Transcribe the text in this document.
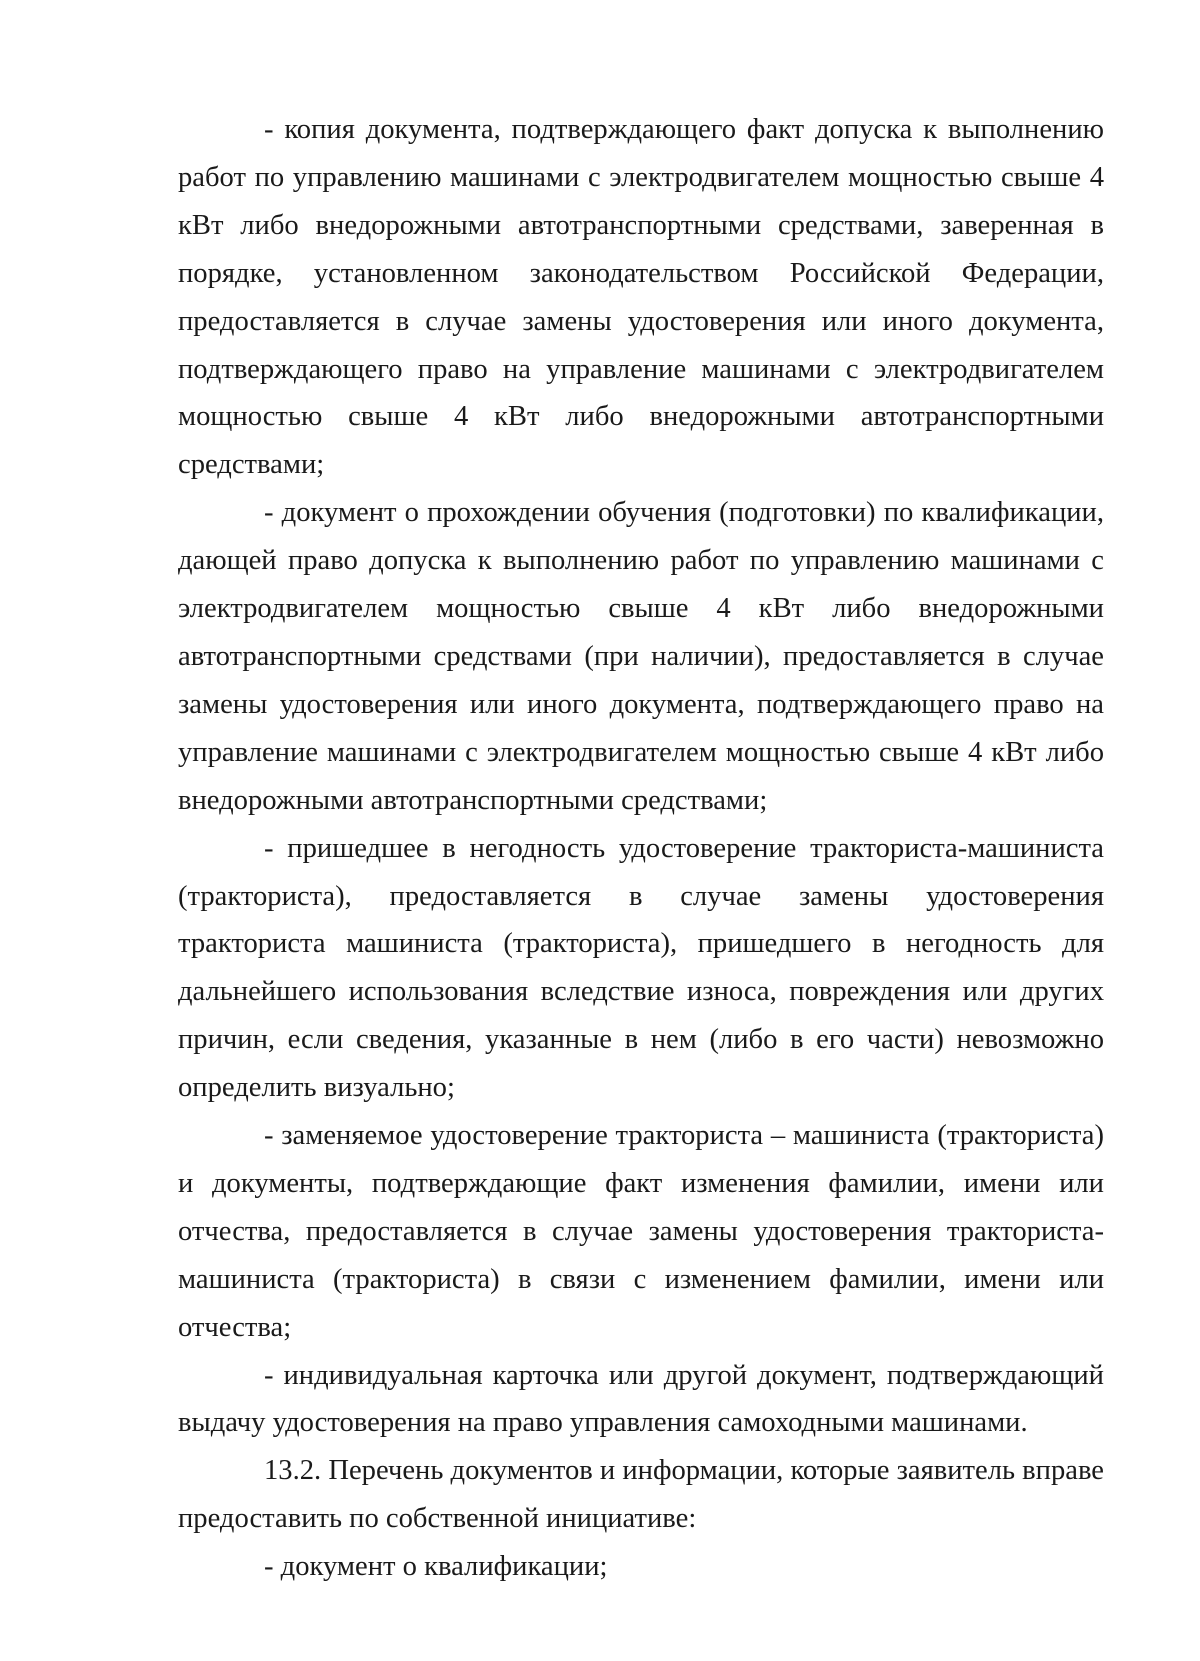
- копия документа, подтверждающего факт допуска к выполнению работ по управлению машинами с электродвигателем мощностью свыше 4 кВт либо внедорожными автотранспортными средствами, заверенная в порядке, установленном законодательством Российской Федерации, предоставляется в случае замены удостоверения или иного документа, подтверждающего право на управление машинами с электродвигателем мощностью свыше 4 кВт либо внедорожными автотранспортными средствами;

- документ о прохождении обучения (подготовки) по квалификации, дающей право допуска к выполнению работ по управлению машинами с электродвигателем мощностью свыше 4 кВт либо внедорожными автотранспортными средствами (при наличии), предоставляется в случае замены удостоверения или иного документа, подтверждающего право на управление машинами с электродвигателем мощностью свыше 4 кВт либо внедорожными автотранспортными средствами;

- пришедшее в негодность удостоверение тракториста-машиниста (тракториста), предоставляется в случае замены удостоверения тракториста машиниста (тракториста), пришедшего в негодность для дальнейшего использования вследствие износа, повреждения или других причин, если сведения, указанные в нем (либо в его части) невозможно определить визуально;

- заменяемое удостоверение тракториста – машиниста (тракториста) и документы, подтверждающие факт изменения фамилии, имени или отчества, предоставляется в случае замены удостоверения тракториста-машиниста (тракториста) в связи с изменением фамилии, имени или отчества;

- индивидуальная карточка или другой документ, подтверждающий выдачу удостоверения на право управления самоходными машинами.

13.2. Перечень документов и информации, которые заявитель вправе предоставить по собственной инициативе:

- документ о квалификации;
